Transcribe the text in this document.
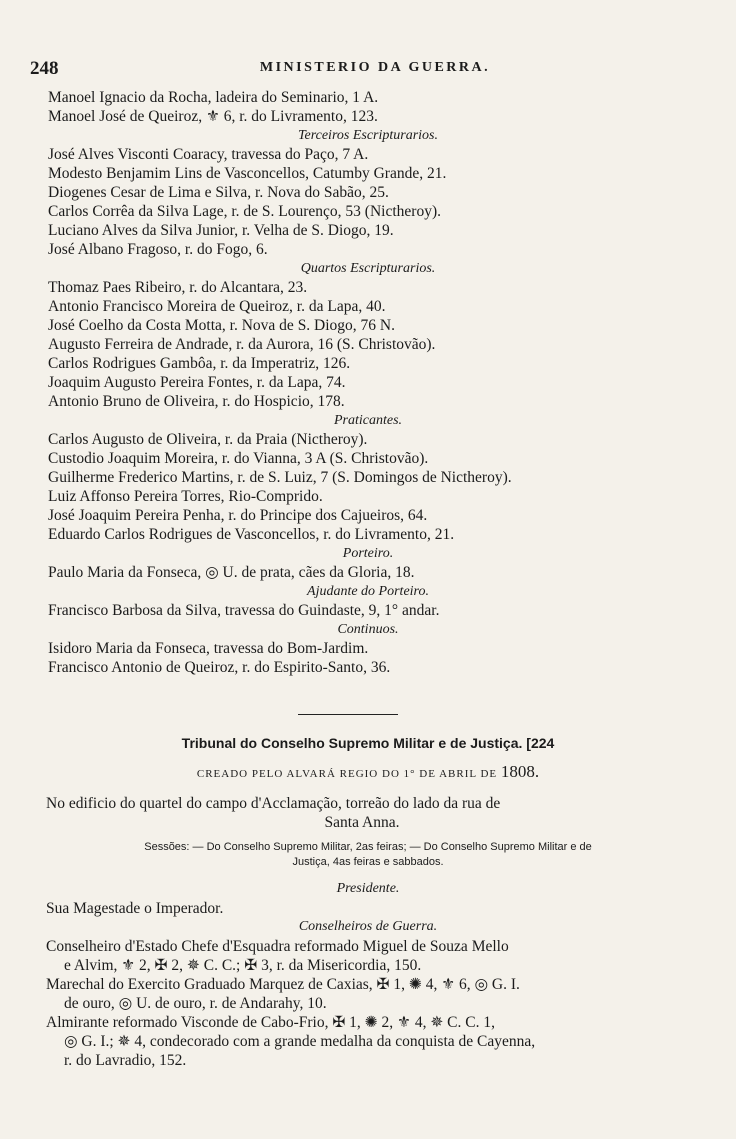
248	MINISTERIO DA GUERRA.
Manoel Ignacio da Rocha, ladeira do Seminario, 1 A.
Manoel José de Queiroz, ⚜ 6, r. do Livramento, 123.
Terceiros Escripturarios.
José Alves Visconti Coaracy, travessa do Paço, 7 A.
Modesto Benjamim Lins de Vasconcellos, Catumby Grande, 21.
Diogenes Cesar de Lima e Silva, r. Nova do Sabão, 25.
Carlos Corrêa da Silva Lage, r. de S. Lourenço, 53 (Nictheroy).
Luciano Alves da Silva Junior, r. Velha de S. Diogo, 19.
José Albano Fragoso, r. do Fogo, 6.
Quartos Escripturarios.
Thomaz Paes Ribeiro, r. do Alcantara, 23.
Antonio Francisco Moreira de Queiroz, r. da Lapa, 40.
José Coelho da Costa Motta, r. Nova de S. Diogo, 76 N.
Augusto Ferreira de Andrade, r. da Aurora, 16 (S. Christovão).
Carlos Rodrigues Gambôa, r. da Imperatriz, 126.
Joaquim Augusto Pereira Fontes, r. da Lapa, 74.
Antonio Bruno de Oliveira, r. do Hospicio, 178.
Praticantes.
Carlos Augusto de Oliveira, r. da Praia (Nictheroy).
Custodio Joaquim Moreira, r. do Vianna, 3 A (S. Christovão).
Guilherme Frederico Martins, r. de S. Luiz, 7 (S. Domingos de Nictheroy).
Luiz Affonso Pereira Torres, Rio-Comprido.
José Joaquim Pereira Penha, r. do Principe dos Cajueiros, 64.
Eduardo Carlos Rodrigues de Vasconcellos, r. do Livramento, 21.
Porteiro.
Paulo Maria da Fonseca, ◎ U. de prata, cães da Gloria, 18.
Ajudante do Porteiro.
Francisco Barbosa da Silva, travessa do Guindaste, 9, 1° andar.
Continuos.
Isidoro Maria da Fonseca, travessa do Bom-Jardim.
Francisco Antonio de Queiroz, r. do Espirito-Santo, 36.
Tribunal do Conselho Supremo Militar e de Justiça. [224
CREADO PELO ALVARÁ REGIO DO 1° DE ABRIL DE 1808.
No edificio do quartel do campo d'Acclamação, torreão do lado da rua de
Santa Anna.
Sessões: — Do Conselho Supremo Militar, 2as feiras; — Do Conselho Supremo Militar e de
Justiça, 4as feiras e sabbados.
Presidente.
Sua Magestade o Imperador.
Conselheiros de Guerra.
Conselheiro d'Estado Chefe d'Esquadra reformado Miguel de Souza Mello
e Alvim, ⚜ 2, ✠ 2, ✵ C. C.; ✠ 3, r. da Misericordia, 150.
Marechal do Exercito Graduado Marquez de Caxias, ✠ 1, ✺ 4, ⚜ 6, ◎ G. I.
de ouro, ◎ U. de ouro, r. de Andarahy, 10.
Almirante reformado Visconde de Cabo-Frio, ✠ 1, ✺ 2, ⚜ 4, ✵ C. C. 1,
◎ G. I.; ✵ 4, condecorado com a grande medalha da conquista de Cayenna,
r. do Lavradio, 152.
